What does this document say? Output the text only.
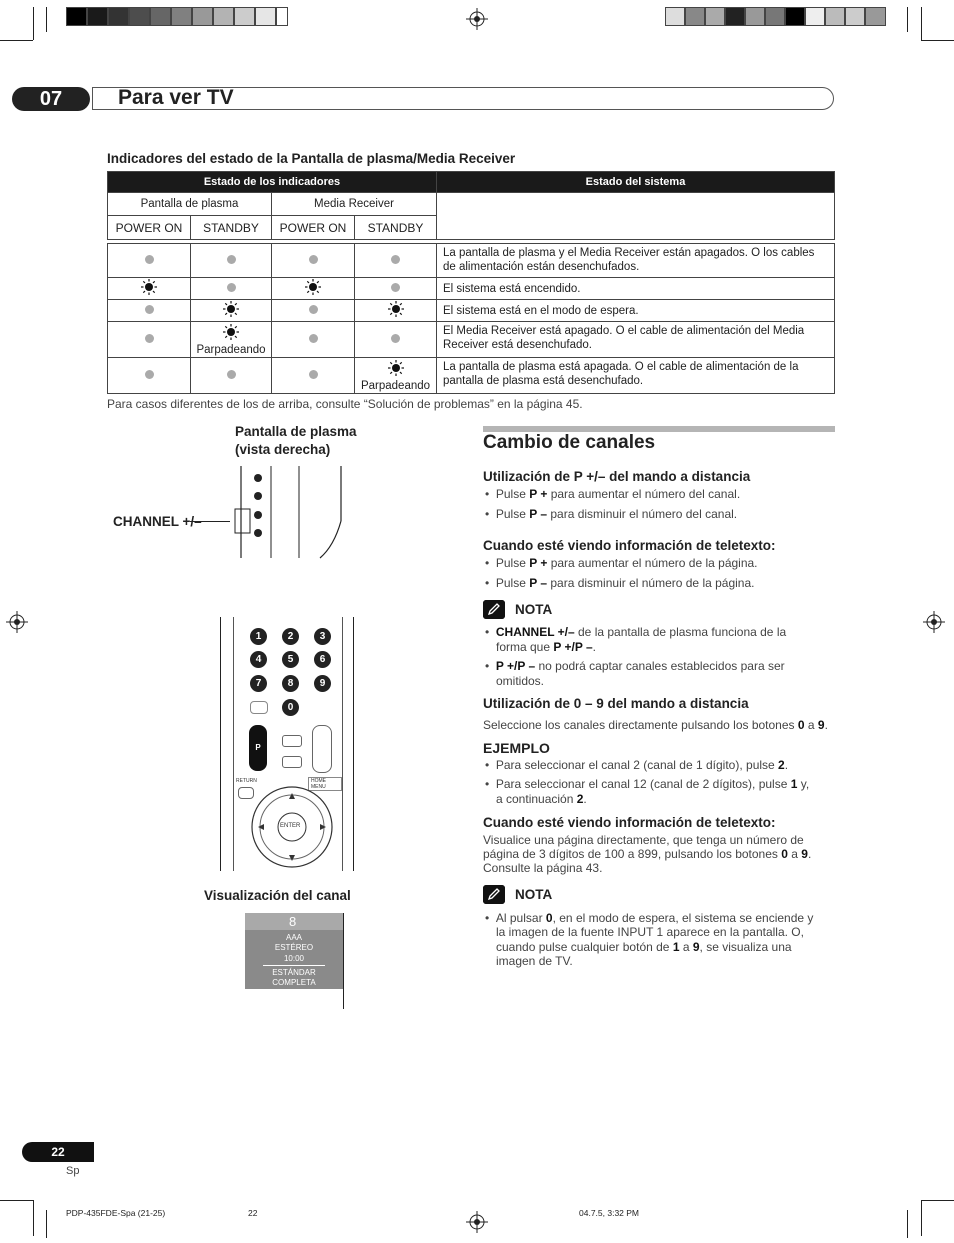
07	Para ver TV
Indicadores del estado de la Pantalla de plasma/Media Receiver
Estado de los indicadores				Estado del sistema
Pantalla de plasma		Media Receiver		
POWER ON	STANDBY	POWER ON	STANDBY	

				La pantalla de plasma y el Media Receiver están apagados. O los cables de alimentación están desenchufados.
				El sistema está encendido.
				El sistema está en el modo de espera.

	Parpadeando			El Media Receiver está apagado. O el cable de alimentación del Media Receiver está desenchufado.

			Parpadeando	La pantalla de plasma está apagada. O el cable de alimentación de la pantalla de plasma está desenchufado.
Para casos diferentes de los de arriba, consulte “Solución de problemas” en la página 45.
Pantalla de plasma
(vista derecha)
CHANNEL +/–
1	2	3
4	5	6
7	8	9
0
P
RETURN	HOME MENU
ENTER
Visualización del canal
8
AAA
ESTÉREO
10:00
ESTÁNDAR
COMPLETA
Cambio de canales
Utilización de P +/– del mando a distancia
•  Pulse P + para aumentar el número del canal.
•  Pulse P – para disminuir el número del canal.
Cuando esté viendo información de teletexto:
•  Pulse P + para aumentar el número de la página.
•  Pulse P – para disminuir el número de la página.
NOTA
•  CHANNEL +/– de la pantalla de plasma funciona de la
forma que P +/P –.
•  P +/P – no podrá captar canales establecidos para ser
omitidos.
Utilización de 0 – 9 del mando a distancia
Seleccione los canales directamente pulsando los botones 0 a 9.
EJEMPLO
•  Para seleccionar el canal 2 (canal de 1 dígito), pulse 2.
•  Para seleccionar el canal 12 (canal de 2 dígitos), pulse 1 y,
a continuación 2.
Cuando esté viendo información de teletexto:
Visualice una página directamente, que tenga un número de
página de 3 dígitos de 100 a 899, pulsando los botones 0 a 9.
Consulte la página 43.
NOTA
•  Al pulsar 0, en el modo de espera, el sistema se enciende y
la imagen de la fuente INPUT 1 aparece en la pantalla. O,
cuando pulse cualquier botón de 1 a 9, se visualiza una
imagen de TV.
22
Sp
PDP-435FDE-Spa (21-25)	22	04.7.5, 3:32 PM
